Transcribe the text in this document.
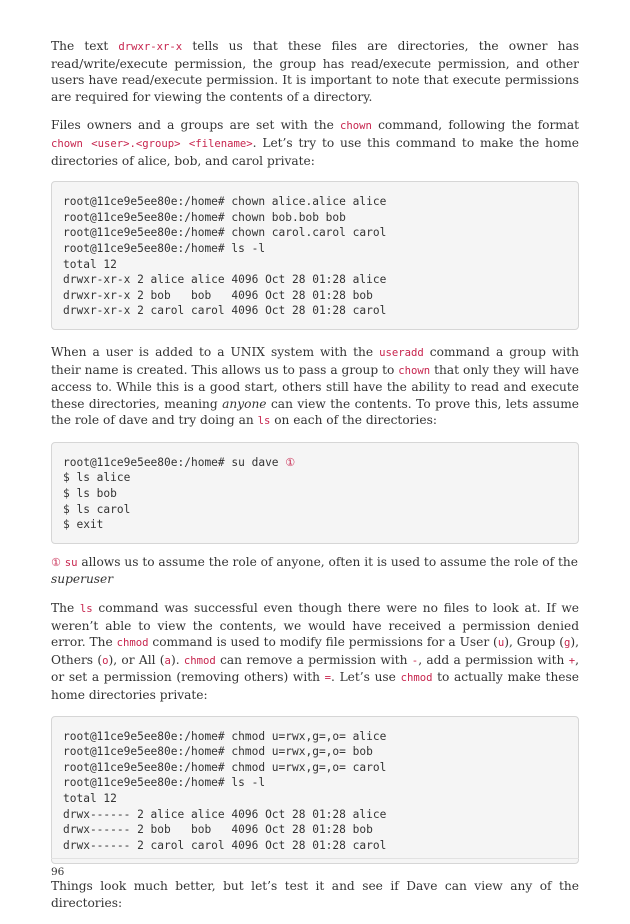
The text drwxr-xr-x tells us that these files are directories, the owner has read/write/execute permission, the group has read/execute permission, and other users have read/execute permission. It is important to note that execute permissions are required for viewing the contents of a directory.

Files owners and a groups are set with the chown command, following the format chown <user>.<group> <filename>. Let’s try to use this command to make the home directories of alice, bob, and carol private:

root@11ce9e5ee80e:/home# chown alice.alice alice
root@11ce9e5ee80e:/home# chown bob.bob bob
root@11ce9e5ee80e:/home# chown carol.carol carol
root@11ce9e5ee80e:/home# ls -l
total 12
drwxr-xr-x 2 alice alice 4096 Oct 28 01:28 alice
drwxr-xr-x 2 bob   bob   4096 Oct 28 01:28 bob
drwxr-xr-x 2 carol carol 4096 Oct 28 01:28 carol

When a user is added to a UNIX system with the useradd command a group with their name is created. This allows us to pass a group to chown that only they will have access to. While this is a good start, others still have the ability to read and execute these directories, meaning anyone can view the contents. To prove this, lets assume the role of dave and try doing an ls on each of the directories:

root@11ce9e5ee80e:/home# su dave ①
$ ls alice
$ ls bob
$ ls carol
$ exit
① su allows us to assume the role of anyone, often it is used to assume the role of the superuser

The ls command was successful even though there were no files to look at. If we weren’t able to view the contents, we would have received a permission denied error. The chmod command is used to modify file permissions for a User (u), Group (g), Others (o), or All (a). chmod can remove a permission with -, add a permission with +, or set a permission (removing others) with =. Let’s use chmod to actually make these home directories private:

root@11ce9e5ee80e:/home# chmod u=rwx,g=,o= alice
root@11ce9e5ee80e:/home# chmod u=rwx,g=,o= bob
root@11ce9e5ee80e:/home# chmod u=rwx,g=,o= carol
root@11ce9e5ee80e:/home# ls -l
total 12
drwx------ 2 alice alice 4096 Oct 28 01:28 alice
drwx------ 2 bob   bob   4096 Oct 28 01:28 bob
drwx------ 2 carol carol 4096 Oct 28 01:28 carol

Things look much better, but let’s test it and see if Dave can view any of the directories:

96
